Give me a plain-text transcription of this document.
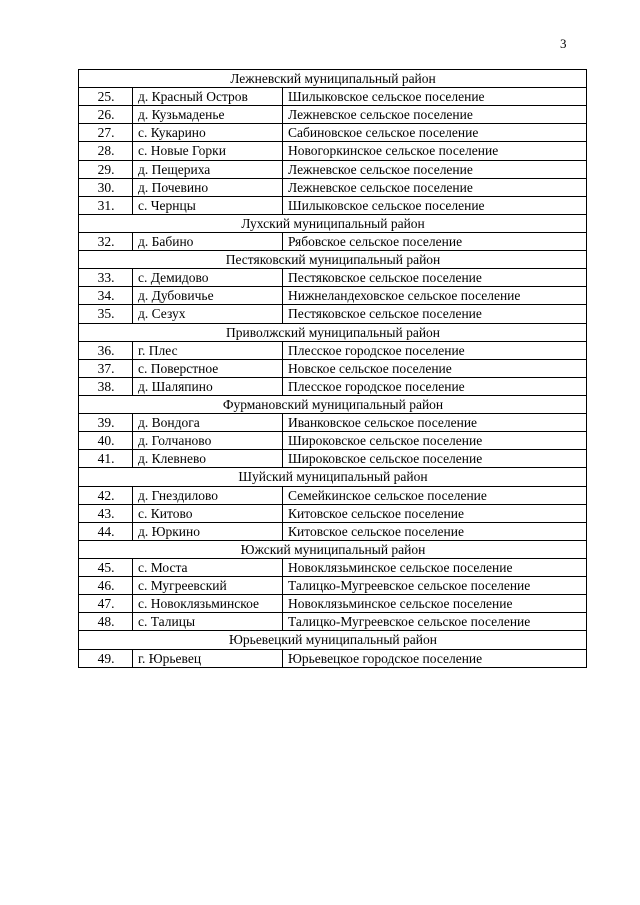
3
Лежневский муниципальный район		
25.	д. Красный Остров	Шилыковское сельское поселение
26.	д. Кузьмаденье	Лежневское сельское поселение
27.	с. Кукарино	Сабиновское сельское поселение
28.	с. Новые Горки	Новогоркинское сельское поселение
29.	д. Пещериха	Лежневское сельское поселение
30.	д. Почевино	Лежневское сельское поселение
31.	с. Чернцы	Шилыковское сельское поселение
Лухский муниципальный район		
32.	д. Бабино	Рябовское сельское поселение
Пестяковский муниципальный район		
33.	с. Демидово	Пестяковское сельское поселение
34.	д. Дубовичье	Нижнеландеховское сельское поселение
35.	д. Сезух	Пестяковское сельское поселение
Приволжский муниципальный район		
36.	г. Плес	Плесское городское поселение
37.	с. Поверстное	Новское сельское поселение
38.	д. Шаляпино	Плесское городское поселение
Фурмановский муниципальный район		
39.	д. Вондога	Иванковское сельское поселение
40.	д. Голчаново	Широковское сельское поселение
41.	д. Клевнево	Широковское сельское поселение
Шуйский муниципальный район		
42.	д. Гнездилово	Семейкинское сельское поселение
43.	с. Китово	Китовское сельское поселение
44.	д. Юркино	Китовское сельское поселение
Южский муниципальный район		
45.	с. Моста	Новоклязьминское сельское поселение
46.	с. Мугреевский	Талицко-Мугреевское сельское поселение
47.	с. Новоклязьминское	Новоклязьминское сельское поселение
48.	с. Талицы	Талицко-Мугреевское сельское поселение
Юрьевецкий муниципальный район		
49.	г. Юрьевец	Юрьевецкое городское поселение
